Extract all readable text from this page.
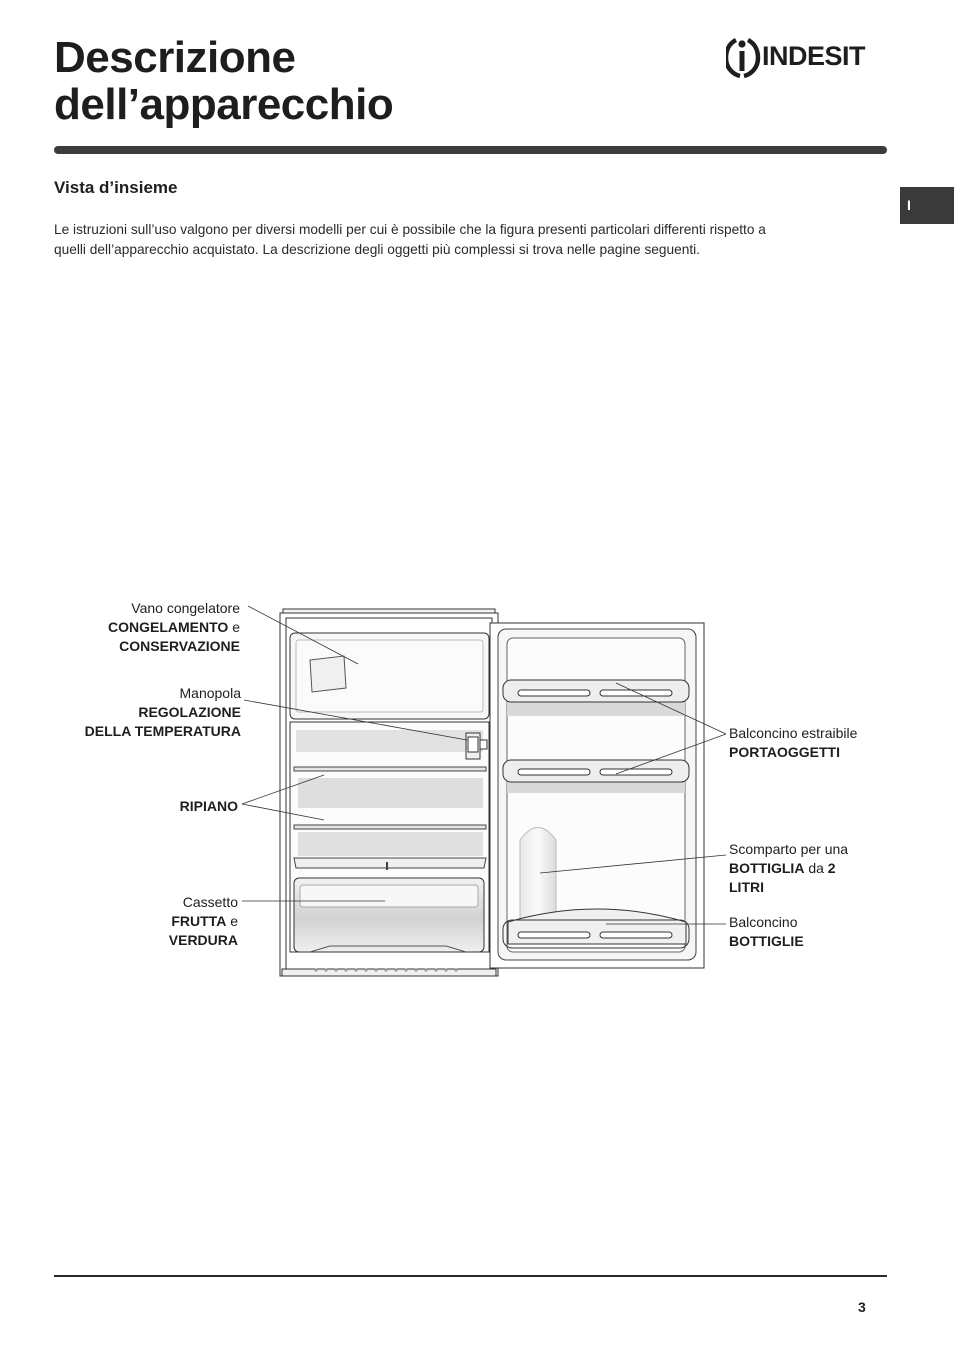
Descrizione
dell’apparecchio
INDESIT
I
Vista d’insieme

Le istruzioni sull’uso valgono per diversi modelli per cui è possibile che la figura presenti particolari differenti rispetto a
quelli dell’apparecchio acquistato. La descrizione degli oggetti più complessi si trova nelle pagine seguenti.

Vano congelatore
CONGELAMENTO e
CONSERVAZIONE
Manopola
REGOLAZIONE
DELLA TEMPERATURA
RIPIANO
Cassetto
FRUTTA e
VERDURA
Balconcino estraibile
PORTAOGGETTI
Scomparto per una
BOTTIGLIA da 2
LITRI
Balconcino
BOTTIGLIE
3
